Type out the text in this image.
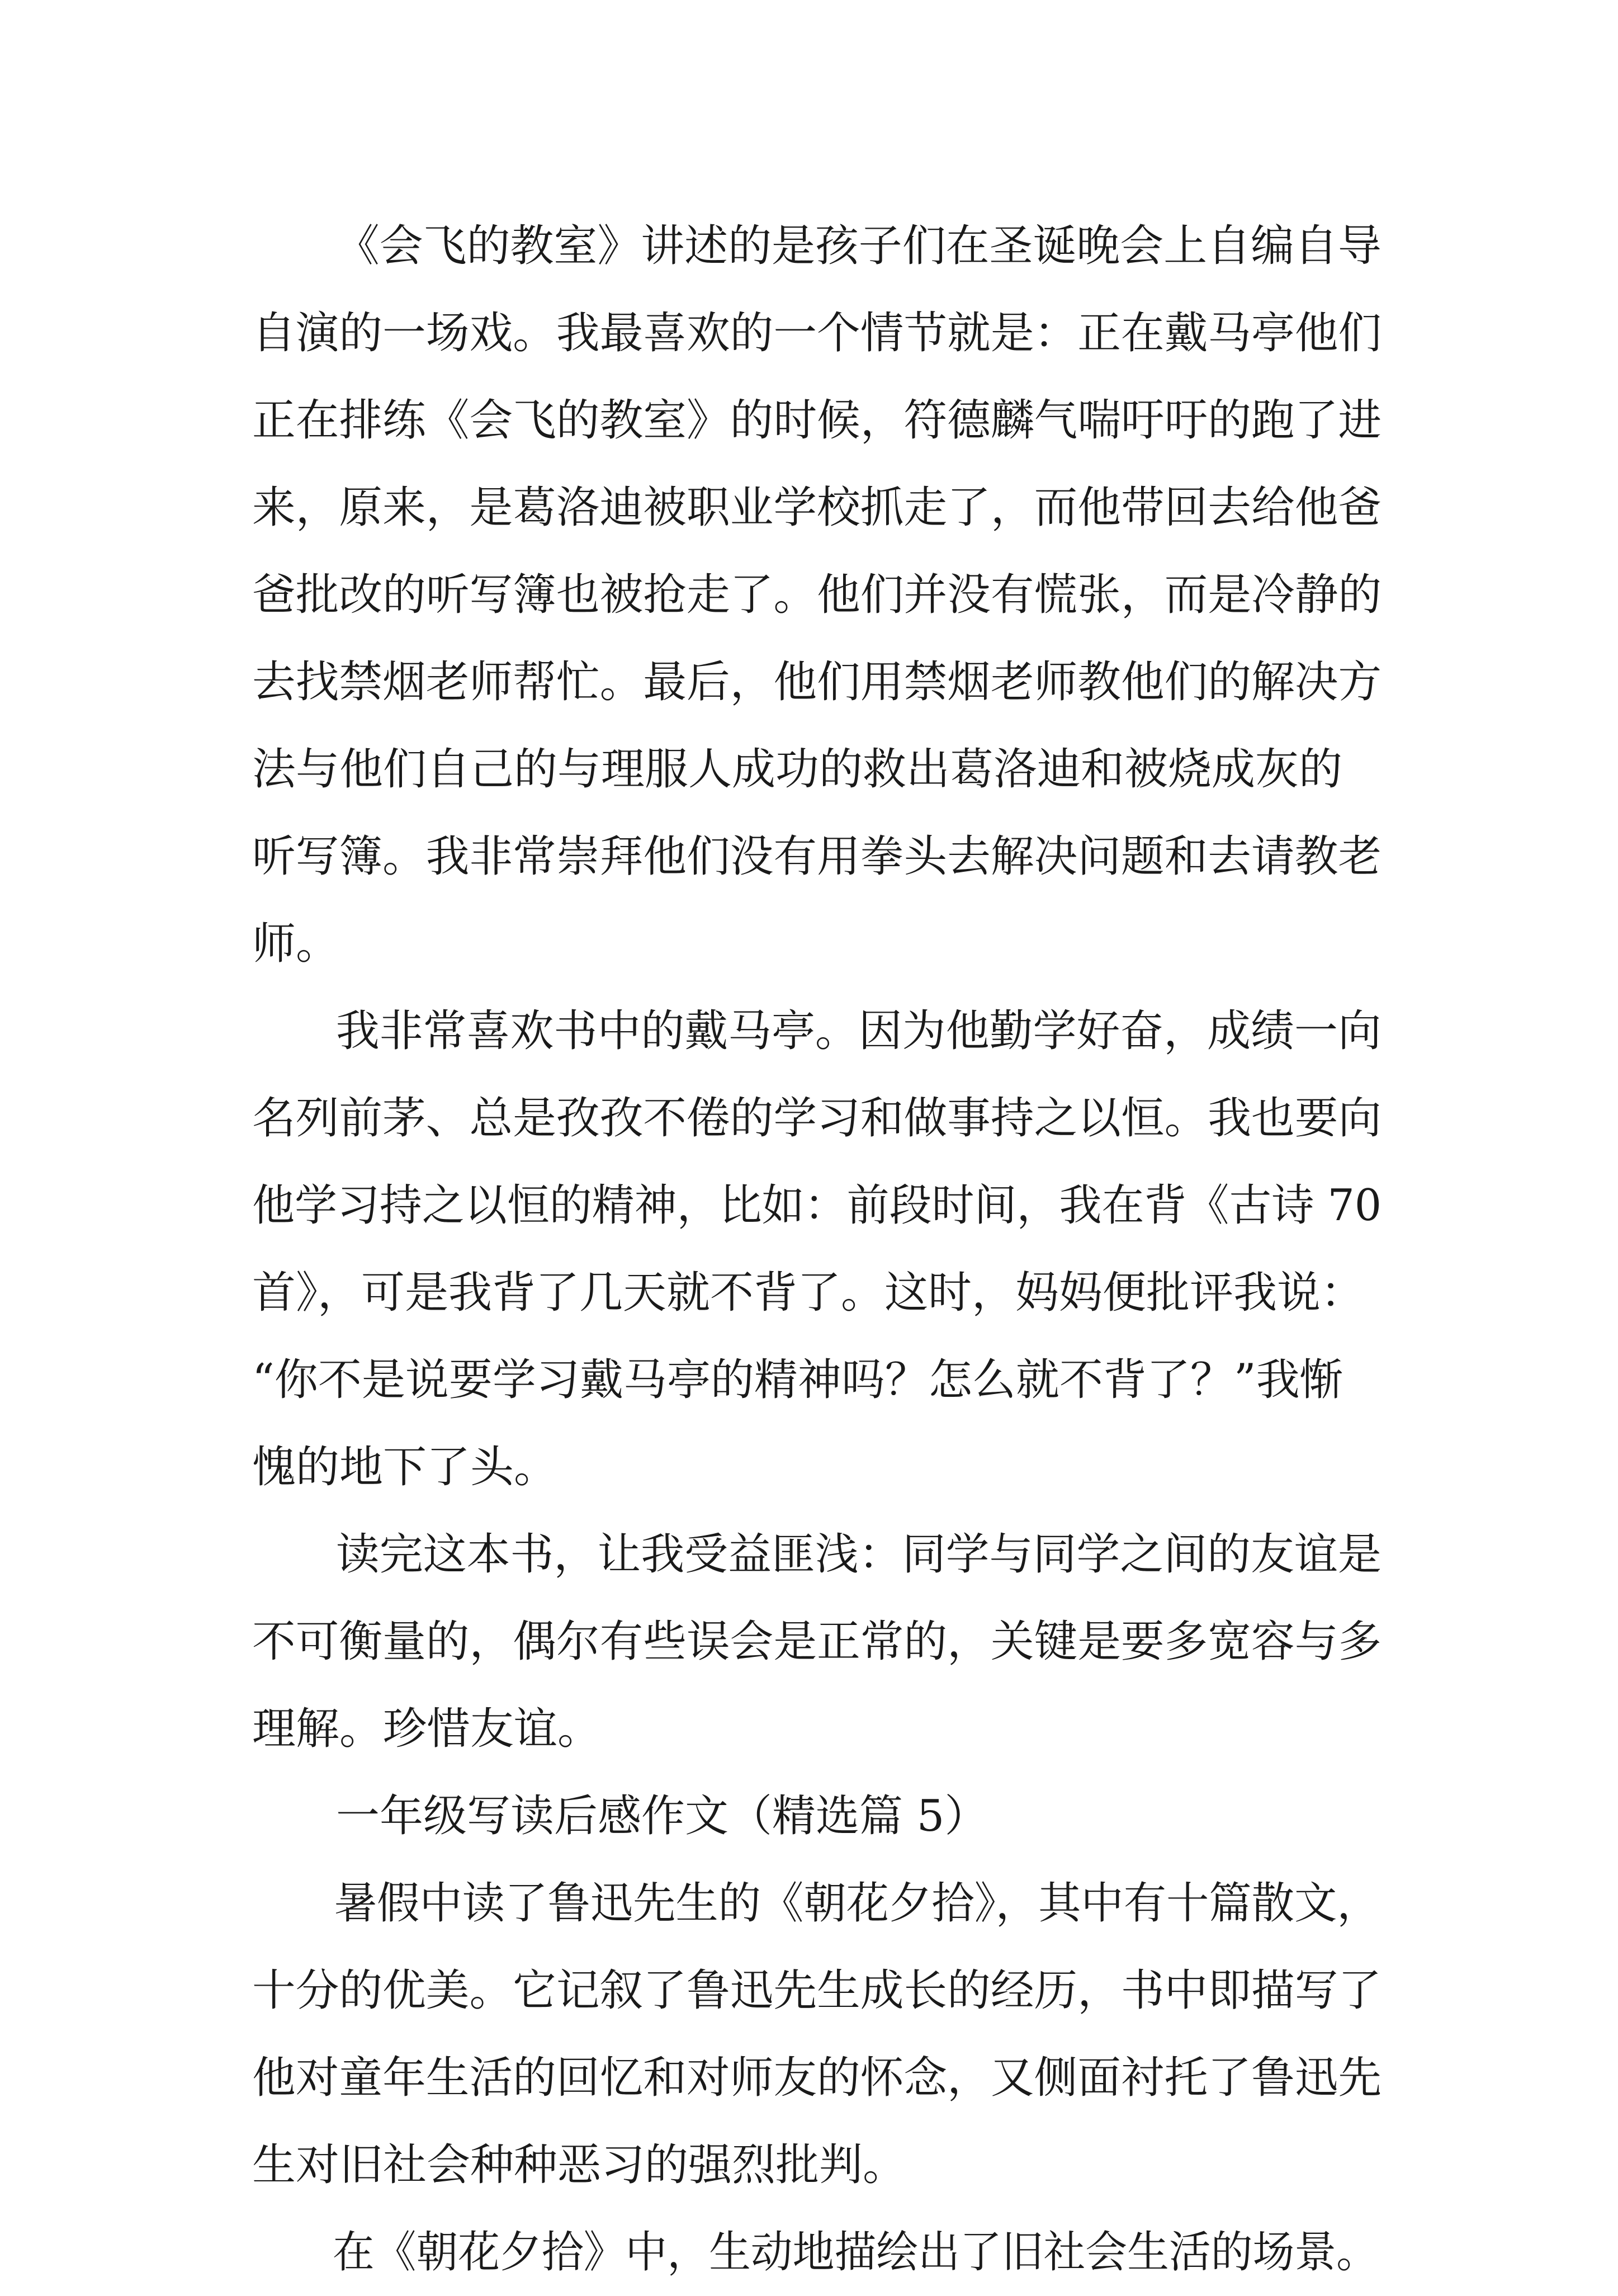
《会飞的教室》讲述的是孩子们在圣诞晚会上自编自导
自演的一场戏。我最喜欢的一个情节就是：正在戴马亭他们
正在排练《会飞的教室》的时候，符德麟气喘吁吁的跑了进
来，原来，是葛洛迪被职业学校抓走了，而他带回去给他爸
爸批改的听写簿也被抢走了。他们并没有慌张，而是冷静的
去找禁烟老师帮忙。最后，他们用禁烟老师教他们的解决方
法与他们自己的与理服人成功的救出葛洛迪和被烧成灰的
听写簿。我非常崇拜他们没有用拳头去解决问题和去请教老
师。
我非常喜欢书中的戴马亭。因为他勤学好奋，成绩一向
名列前茅、总是孜孜不倦的学习和做事持之以恒。我也要向
他学习持之以恒的精神，比如：前段时间，我在背《古诗 70
首》，可是我背了几天就不背了。这时，妈妈便批评我说：
“你不是说要学习戴马亭的精神吗？怎么就不背了？”我惭
愧的地下了头。
读完这本书，让我受益匪浅：同学与同学之间的友谊是
不可衡量的，偶尔有些误会是正常的，关键是要多宽容与多
理解。珍惜友谊。
一年级写读后感作文（精选篇 5）
暑假中读了鲁迅先生的《朝花夕拾》，其中有十篇散文，
十分的优美。它记叙了鲁迅先生成长的经历，书中即描写了
他对童年生活的回忆和对师友的怀念，又侧面衬托了鲁迅先
生对旧社会种种恶习的强烈批判。
在《朝花夕拾》中，生动地描绘出了旧社会生活的场景。
